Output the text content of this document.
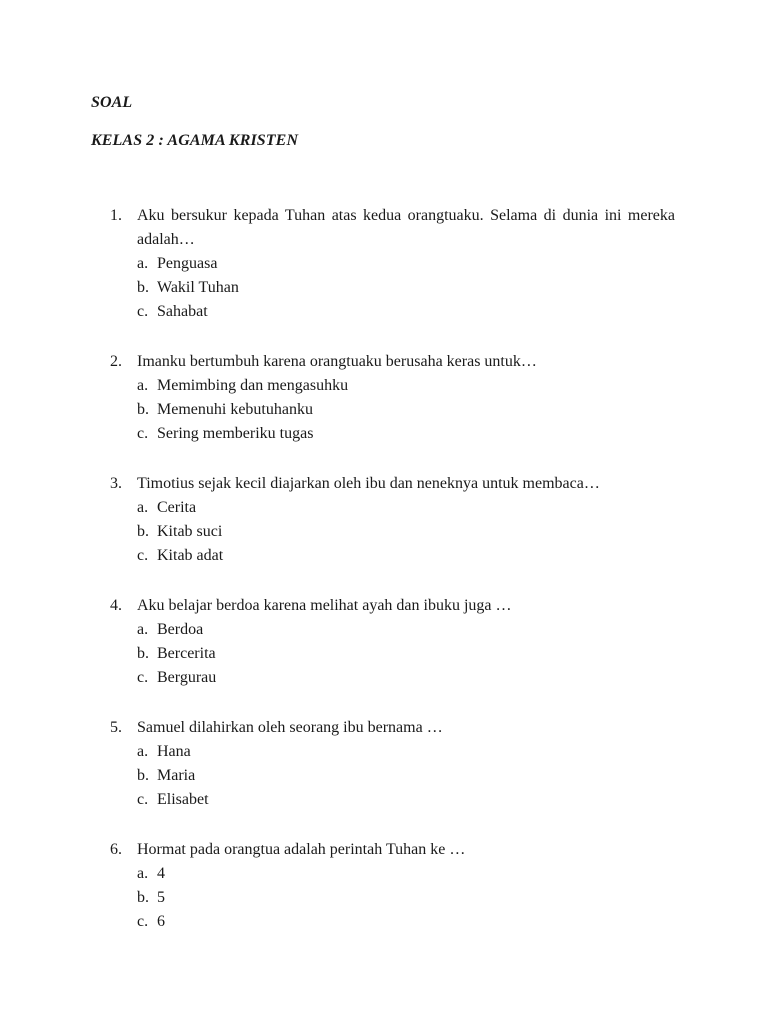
SOAL
KELAS 2 : AGAMA KRISTEN
1. Aku bersukur kepada Tuhan atas kedua orangtuaku. Selama di dunia ini mereka adalah…
a. Penguasa
b. Wakil Tuhan
c. Sahabat
2. Imanku bertumbuh karena orangtuaku berusaha keras untuk…
a. Memimbing dan mengasuhku
b. Memenuhi kebutuhanku
c. Sering memberiku tugas
3. Timotius sejak kecil diajarkan oleh ibu dan neneknya untuk membaca…
a. Cerita
b. Kitab suci
c. Kitab adat
4. Aku belajar berdoa karena melihat ayah dan ibuku juga …
a. Berdoa
b. Bercerita
c. Bergurau
5. Samuel dilahirkan oleh seorang ibu bernama …
a. Hana
b. Maria
c. Elisabet
6. Hormat pada orangtua adalah perintah Tuhan ke …
a. 4
b. 5
c. 6
